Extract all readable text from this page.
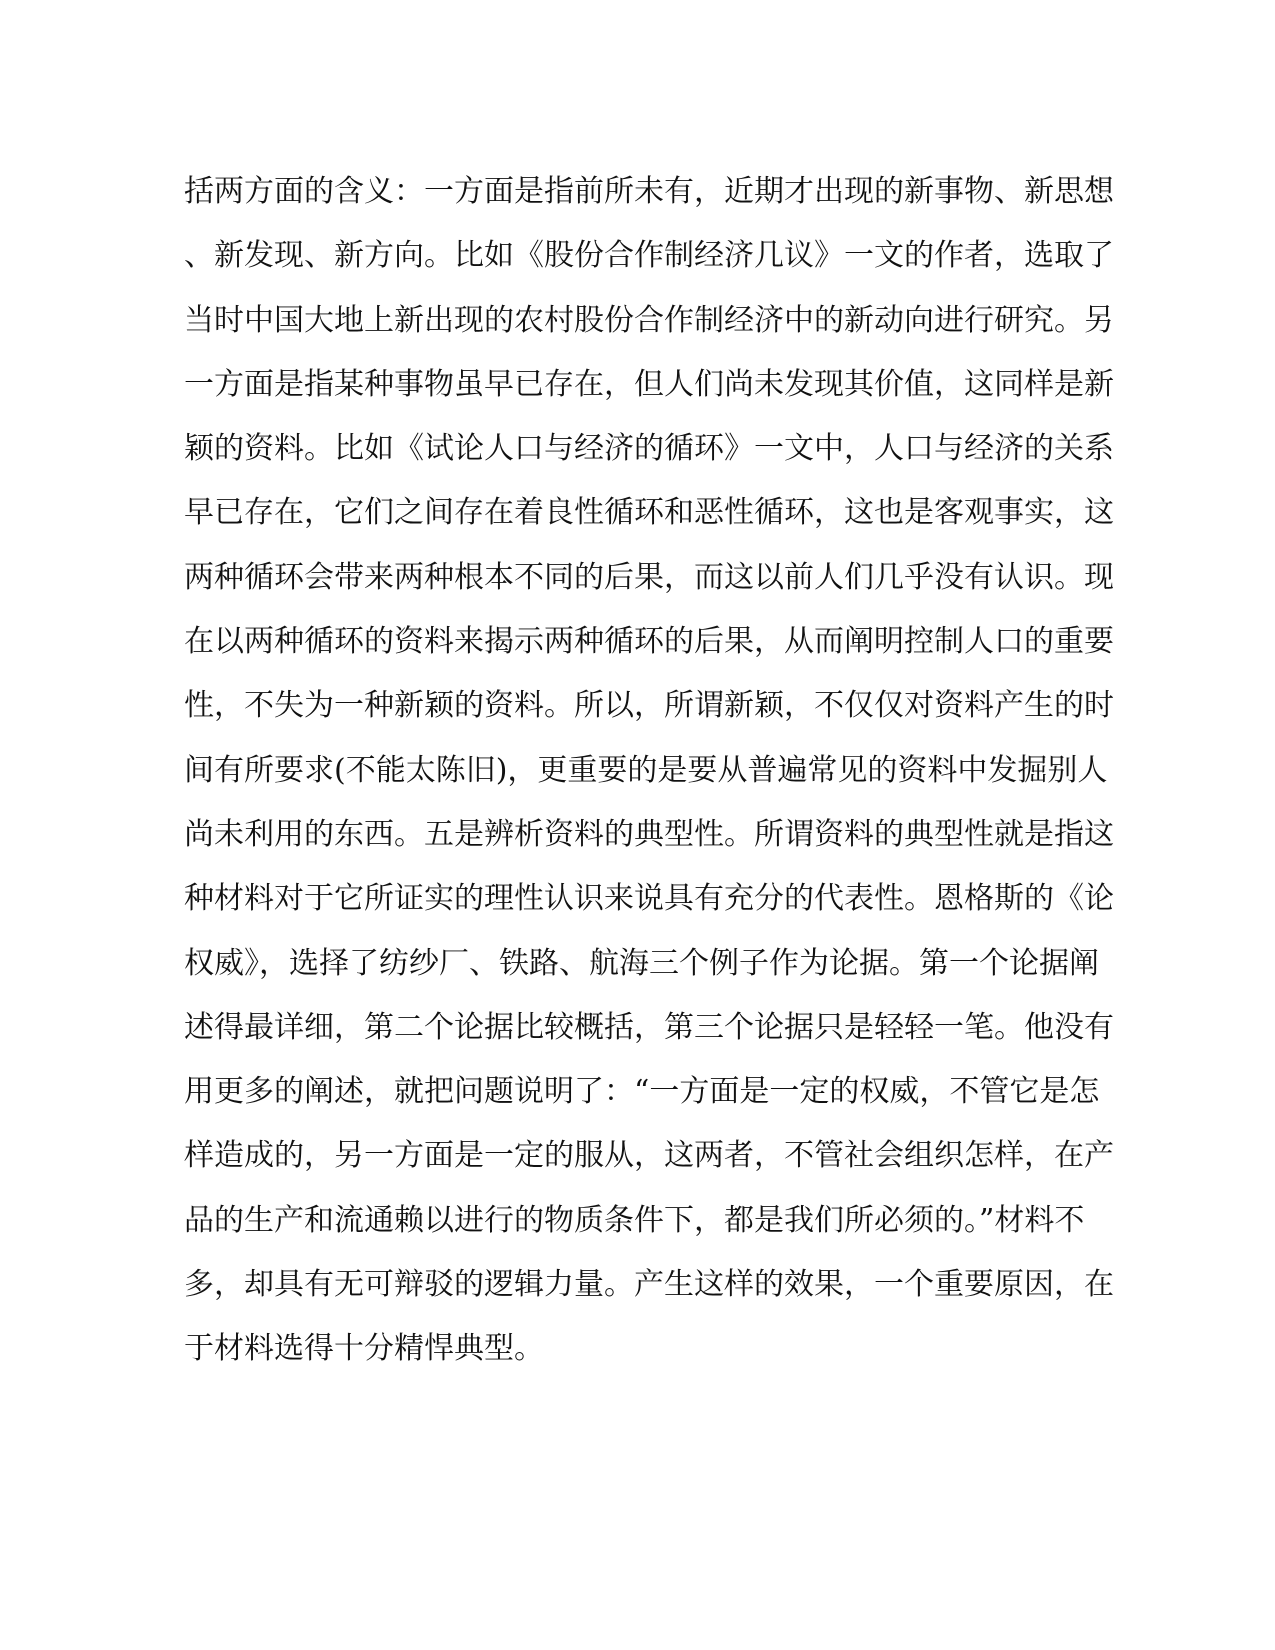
括两方面的含义：一方面是指前所未有，近期才出现的新事物、新思想
、新发现、新方向。比如《股份合作制经济几议》一文的作者，选取了
当时中国大地上新出现的农村股份合作制经济中的新动向进行研究。另
一方面是指某种事物虽早已存在，但人们尚未发现其价值，这同样是新
颖的资料。比如《试论人口与经济的循环》一文中，人口与经济的关系
早已存在，它们之间存在着良性循环和恶性循环，这也是客观事实，这
两种循环会带来两种根本不同的后果，而这以前人们几乎没有认识。现
在以两种循环的资料来揭示两种循环的后果，从而阐明控制人口的重要
性，不失为一种新颖的资料。所以，所谓新颖，不仅仅对资料产生的时
间有所要求(不能太陈旧)，更重要的是要从普遍常见的资料中发掘别人
尚未利用的东西。五是辨析资料的典型性。所谓资料的典型性就是指这
种材料对于它所证实的理性认识来说具有充分的代表性。恩格斯的《论
权威》，选择了纺纱厂、铁路、航海三个例子作为论据。第一个论据阐
述得最详细，第二个论据比较概括，第三个论据只是轻轻一笔。他没有
用更多的阐述，就把问题说明了：“一方面是一定的权威，不管它是怎
样造成的，另一方面是一定的服从，这两者，不管社会组织怎样，在产
品的生产和流通赖以进行的物质条件下，都是我们所必须的。”材料不
多，却具有无可辩驳的逻辑力量。产生这样的效果，一个重要原因，在
于材料选得十分精悍典型。
